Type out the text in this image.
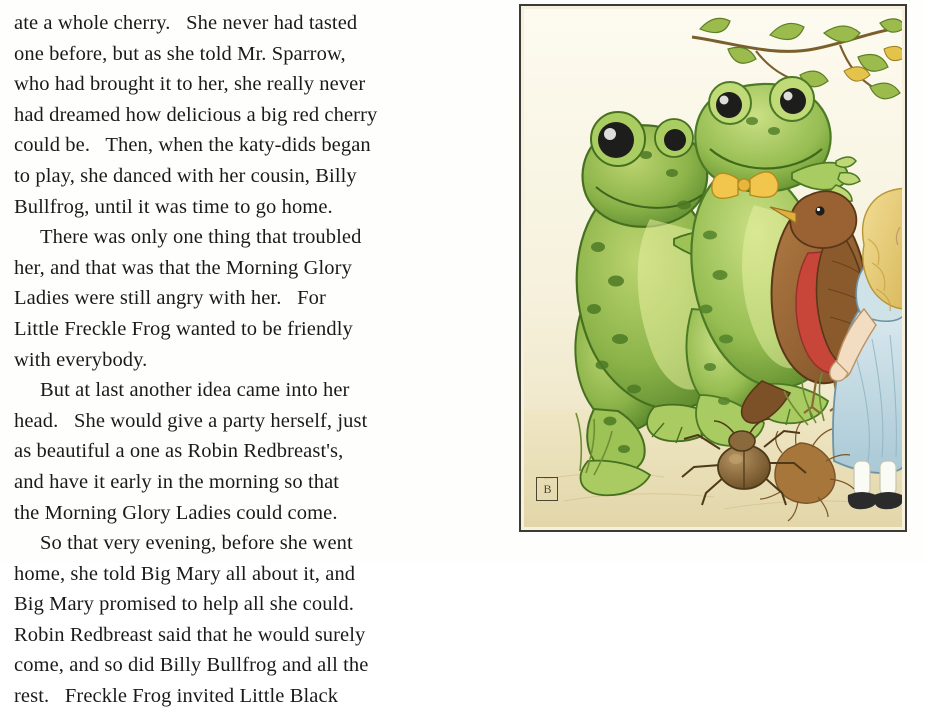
ate a whole cherry.   She never had tasted
one before, but as she told Mr. Sparrow,
who had brought it to her, she really never
had dreamed how delicious a big red cherry
could be.   Then, when the katy-dids began
to play, she danced with her cousin, Billy
Bullfrog, until it was time to go home.

There was only one thing that troubled
her, and that was that the Morning Glory
Ladies were still angry with her.   For
Little Freckle Frog wanted to be friendly
with everybody.

But at last another idea came into her
head.   She would give a party herself, just
as beautiful a one as Robin Redbreast's,
and have it early in the morning so that
the Morning Glory Ladies could come.

So that very evening, before she went
home, she told Big Mary all about it, and
Big Mary promised to help all she could.
Robin Redbreast said that he would surely
come, and so did Billy Bullfrog and all the
rest.   Freckle Frog invited Little Black

B
